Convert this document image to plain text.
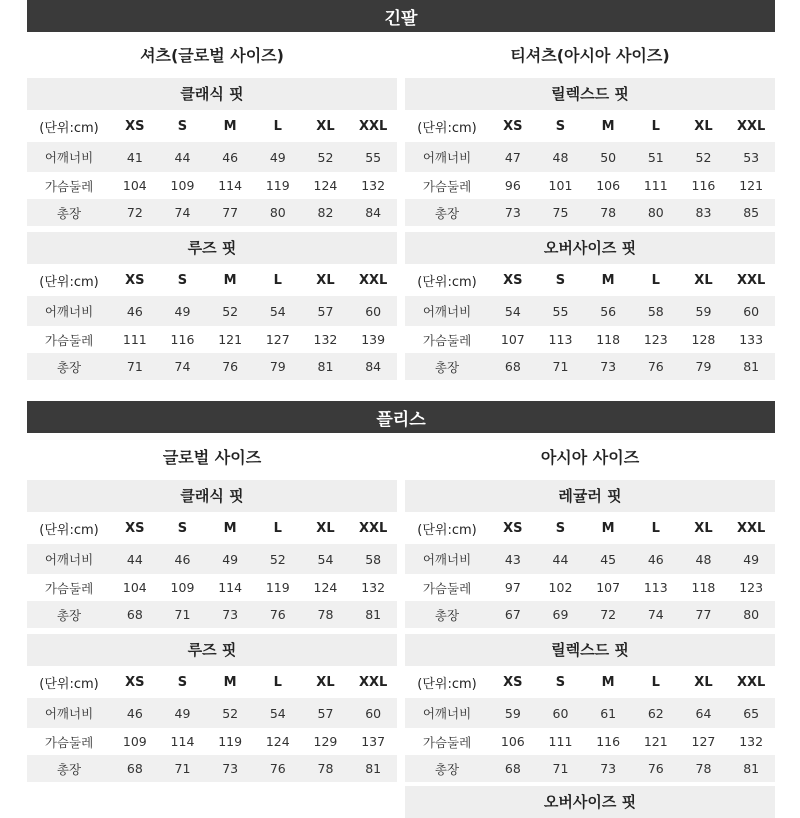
긴팔
셔츠(글로벌 사이즈)	티셔츠(아시아 사이즈)
클래식 핏
(단위:cm)	XS	S	M	L	XL	XXL
어깨너비	41	44	46	49	52	55
가슴둘레	104	109	114	119	124	132
총장	72	74	77	80	82	84
릴렉스드 핏
(단위:cm)	XS	S	M	L	XL	XXL
어깨너비	47	48	50	51	52	53
가슴둘레	96	101	106	111	116	121
총장	73	75	78	80	83	85
루즈 핏
(단위:cm)	XS	S	M	L	XL	XXL
어깨너비	46	49	52	54	57	60
가슴둘레	111	116	121	127	132	139
총장	71	74	76	79	81	84
오버사이즈 핏
(단위:cm)	XS	S	M	L	XL	XXL
어깨너비	54	55	56	58	59	60
가슴둘레	107	113	118	123	128	133
총장	68	71	73	76	79	81
플리스
글로벌 사이즈	아시아 사이즈
클래식 핏
(단위:cm)	XS	S	M	L	XL	XXL
어깨너비	44	46	49	52	54	58
가슴둘레	104	109	114	119	124	132
총장	68	71	73	76	78	81
레귤러 핏
(단위:cm)	XS	S	M	L	XL	XXL
어깨너비	43	44	45	46	48	49
가슴둘레	97	102	107	113	118	123
총장	67	69	72	74	77	80
루즈 핏
(단위:cm)	XS	S	M	L	XL	XXL
어깨너비	46	49	52	54	57	60
가슴둘레	109	114	119	124	129	137
총장	68	71	73	76	78	81
릴렉스드 핏
(단위:cm)	XS	S	M	L	XL	XXL
어깨너비	59	60	61	62	64	65
가슴둘레	106	111	116	121	127	132
총장	68	71	73	76	78	81
오버사이즈 핏
